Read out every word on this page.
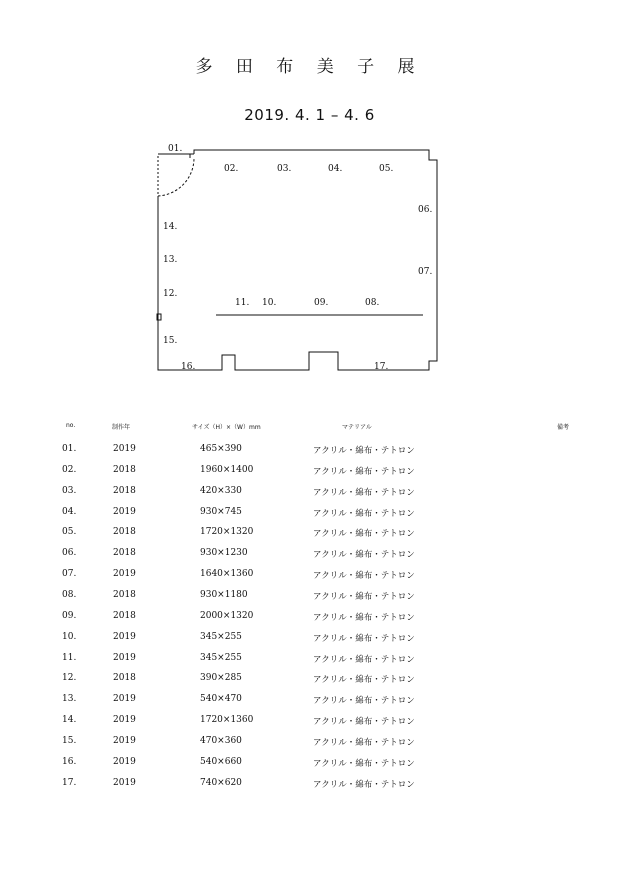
多 田 布 美 子 展
2019. 4. 1 – 4. 6
01.
02.	03.	04.	05.
06.
07.
08.
09.
10.
11.
12.
13.
14.
15.
16.	17.
no.	制作年	サイズ（H）×（W）mm	マテリアル	備考
01.	2019	465×390	アクリル・綿布・テトロン
02.	2018	1960×1400	アクリル・綿布・テトロン
03.	2018	420×330	アクリル・綿布・テトロン
04.	2019	930×745	アクリル・綿布・テトロン
05.	2018	1720×1320	アクリル・綿布・テトロン
06.	2018	930×1230	アクリル・綿布・テトロン
07.	2019	1640×1360	アクリル・綿布・テトロン
08.	2018	930×1180	アクリル・綿布・テトロン
09.	2018	2000×1320	アクリル・綿布・テトロン
10.	2019	345×255	アクリル・綿布・テトロン
11.	2019	345×255	アクリル・綿布・テトロン
12.	2018	390×285	アクリル・綿布・テトロン
13.	2019	540×470	アクリル・綿布・テトロン
14.	2019	1720×1360	アクリル・綿布・テトロン
15.	2019	470×360	アクリル・綿布・テトロン
16.	2019	540×660	アクリル・綿布・テトロン
17.	2019	740×620	アクリル・綿布・テトロン
